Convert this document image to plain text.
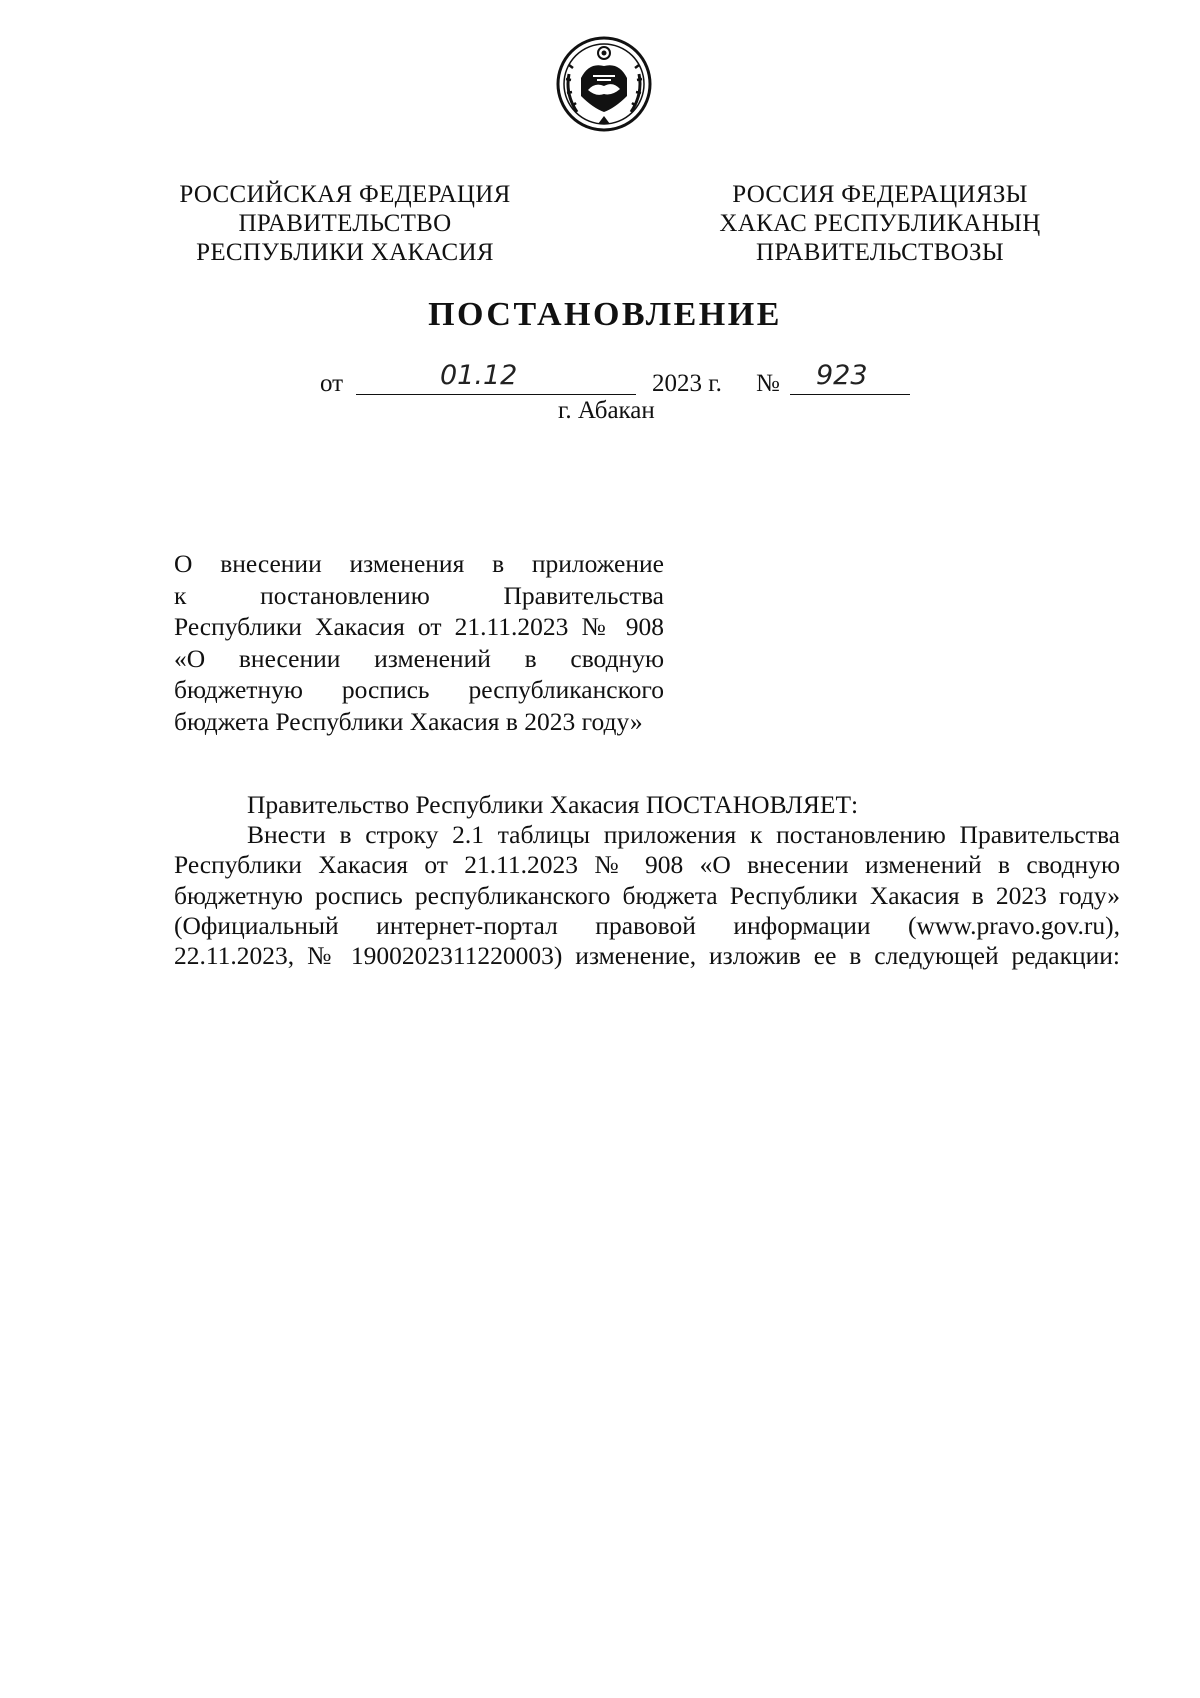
РОССИЙСКАЯ ФЕДЕРАЦИЯ
ПРАВИТЕЛЬСТВО
РЕСПУБЛИКИ ХАКАСИЯ
РОССИЯ ФЕДЕРАЦИЯЗЫ
ХАКАС РЕСПУБЛИКАНЫҢ
ПРАВИТЕЛЬСТВОЗЫ
ПОСТАНОВЛЕНИЕ
от	01.12	2023 г. № 923
г. Абакан
О внесении изменения в приложение
к постановлению Правительства
Республики Хакасия от 21.11.2023 № 908
«О внесении изменений в сводную
бюджетную роспись республиканского
бюджета Республики Хакасия в 2023 году»
Правительство Республики Хакасия ПОСТАНОВЛЯЕТ:
Внести в строку 2.1 таблицы приложения к постановлению Правительства
Республики Хакасия от 21.11.2023 № 908 «О внесении изменений в сводную
бюджетную роспись республиканского бюджета Республики Хакасия в 2023 году»
(Официальный интернет-портал правовой информации (www.pravo.gov.ru),
22.11.2023, № 1900202311220003) изменение, изложив ее в следующей редакции:
